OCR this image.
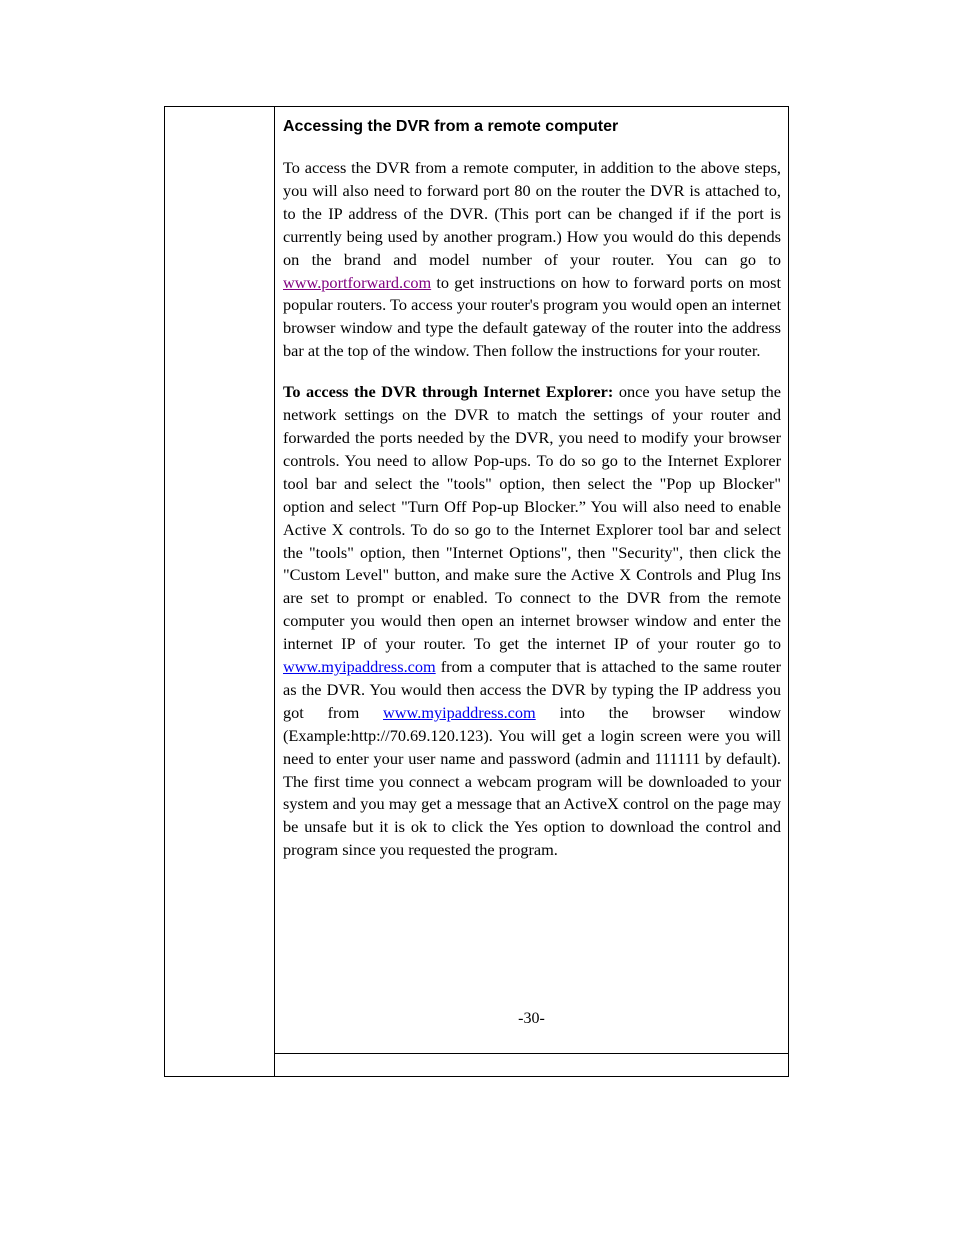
Accessing the DVR from a remote computer

To access the DVR from a remote computer, in addition to the above steps, you will also need to forward port 80 on the router the DVR is attached to, to the IP address of the DVR. (This port can be changed if if the port is currently being used by another program.) How you would do this depends on the brand and model number of your router. You can go to www.portforward.com to get instructions on how to forward ports on most popular routers. To access your router's program you would open an internet browser window and type the default gateway of the router into the address bar at the top of the window. Then follow the instructions for your router.

To access the DVR through Internet Explorer: once you have setup the network settings on the DVR to match the settings of your router and forwarded the ports needed by the DVR, you need to modify your browser controls. You need to allow Pop-ups. To do so go to the Internet Explorer tool bar and select the "tools" option, then select the "Pop up Blocker" option and select "Turn Off Pop-up Blocker.” You will also need to enable Active X controls. To do so go to the Internet Explorer tool bar and select the "tools" option, then "Internet Options", then "Security", then click the "Custom Level" button, and make sure the Active X Controls and Plug Ins are set to prompt or enabled. To connect to the DVR from the remote computer you would then open an internet browser window and enter the internet IP of your router. To get the internet IP of your router go to www.myipaddress.com from a computer that is attached to the same router as the DVR. You would then access the DVR by typing the IP address you got from www.myipaddress.com into the browser window (Example:http://70.69.120.123). You will get a login screen were you will need to enter your user name and password (admin and 111111 by default). The first time you connect a webcam program will be downloaded to your system and you may get a message that an ActiveX control on the page may be unsafe but it is ok to click the Yes option to download the control and program since you requested the program.

-30-
